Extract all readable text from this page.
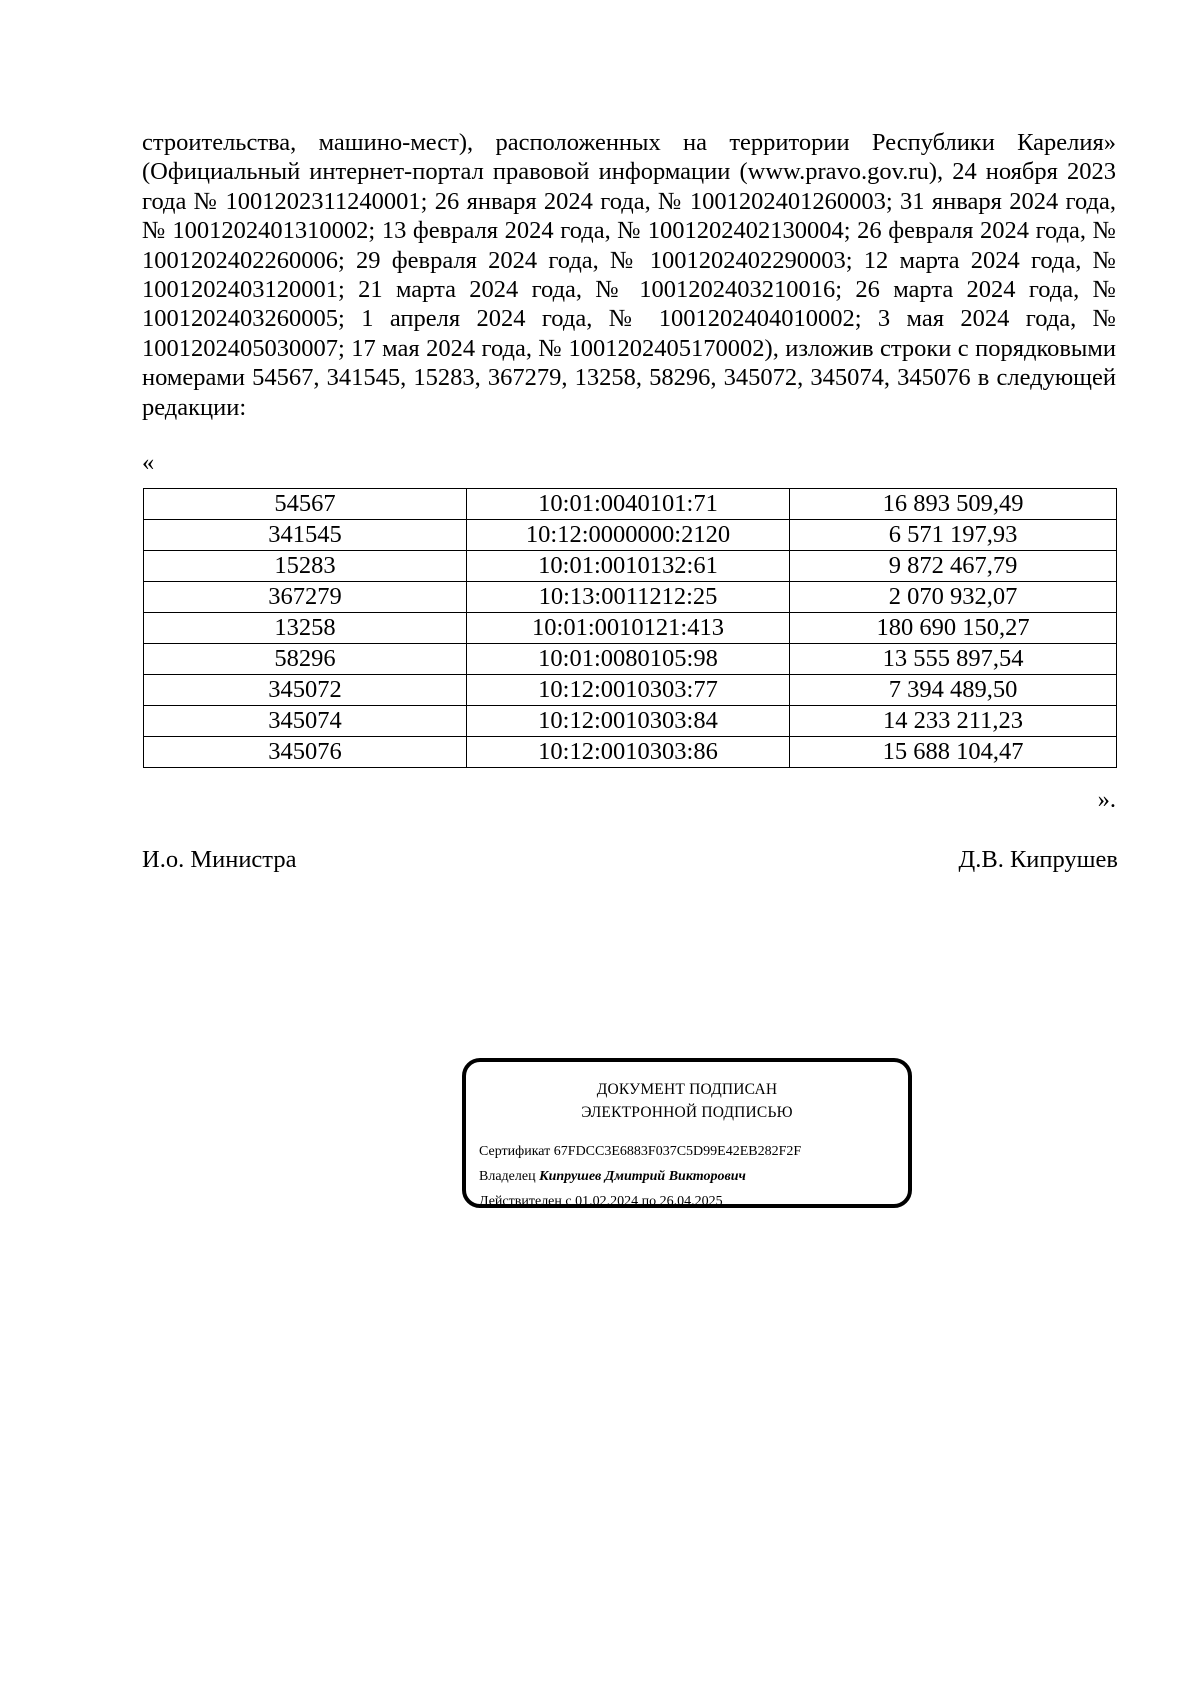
строительства, машино-мест), расположенных на территории Республики Карелия» (Официальный интернет-портал правовой информации (www.pravo.gov.ru), 24 ноября 2023 года № 1001202311240001; 26 января 2024 года, № 1001202401260003; 31 января 2024 года, № 1001202401310002; 13 февраля 2024 года, № 1001202402130004; 26 февраля 2024 года, № 1001202402260006; 29 февраля 2024 года, № 1001202402290003; 12 марта 2024 года, № 1001202403120001; 21 марта 2024 года, № 1001202403210016; 26 марта 2024 года, № 1001202403260005; 1 апреля 2024 года, № 1001202404010002; 3 мая 2024 года, № 1001202405030007; 17 мая 2024 года, № 1001202405170002), изложив строки с порядковыми номерами 54567, 341545, 15283, 367279, 13258, 58296, 345072, 345074, 345076 в следующей редакции:

«
54567	10:01:0040101:71	16 893 509,49
341545	10:12:0000000:2120	6 571 197,93
15283	10:01:0010132:61	9 872 467,79
367279	10:13:0011212:25	2 070 932,07
13258	10:01:0010121:413	180 690 150,27
58296	10:01:0080105:98	13 555 897,54
345072	10:12:0010303:77	7 394 489,50
345074	10:12:0010303:84	14 233 211,23
345076	10:12:0010303:86	15 688 104,47
».
И.о. Министра	Д.В. Кипрушев
ДОКУМЕНТ ПОДПИСАН
ЭЛЕКТРОННОЙ ПОДПИСЬЮ
Сертификат 67FDCC3E6883F037C5D99E42EB282F2F
Владелец Кипрушев Дмитрий Викторович
Действителен с 01.02.2024 по 26.04.2025
